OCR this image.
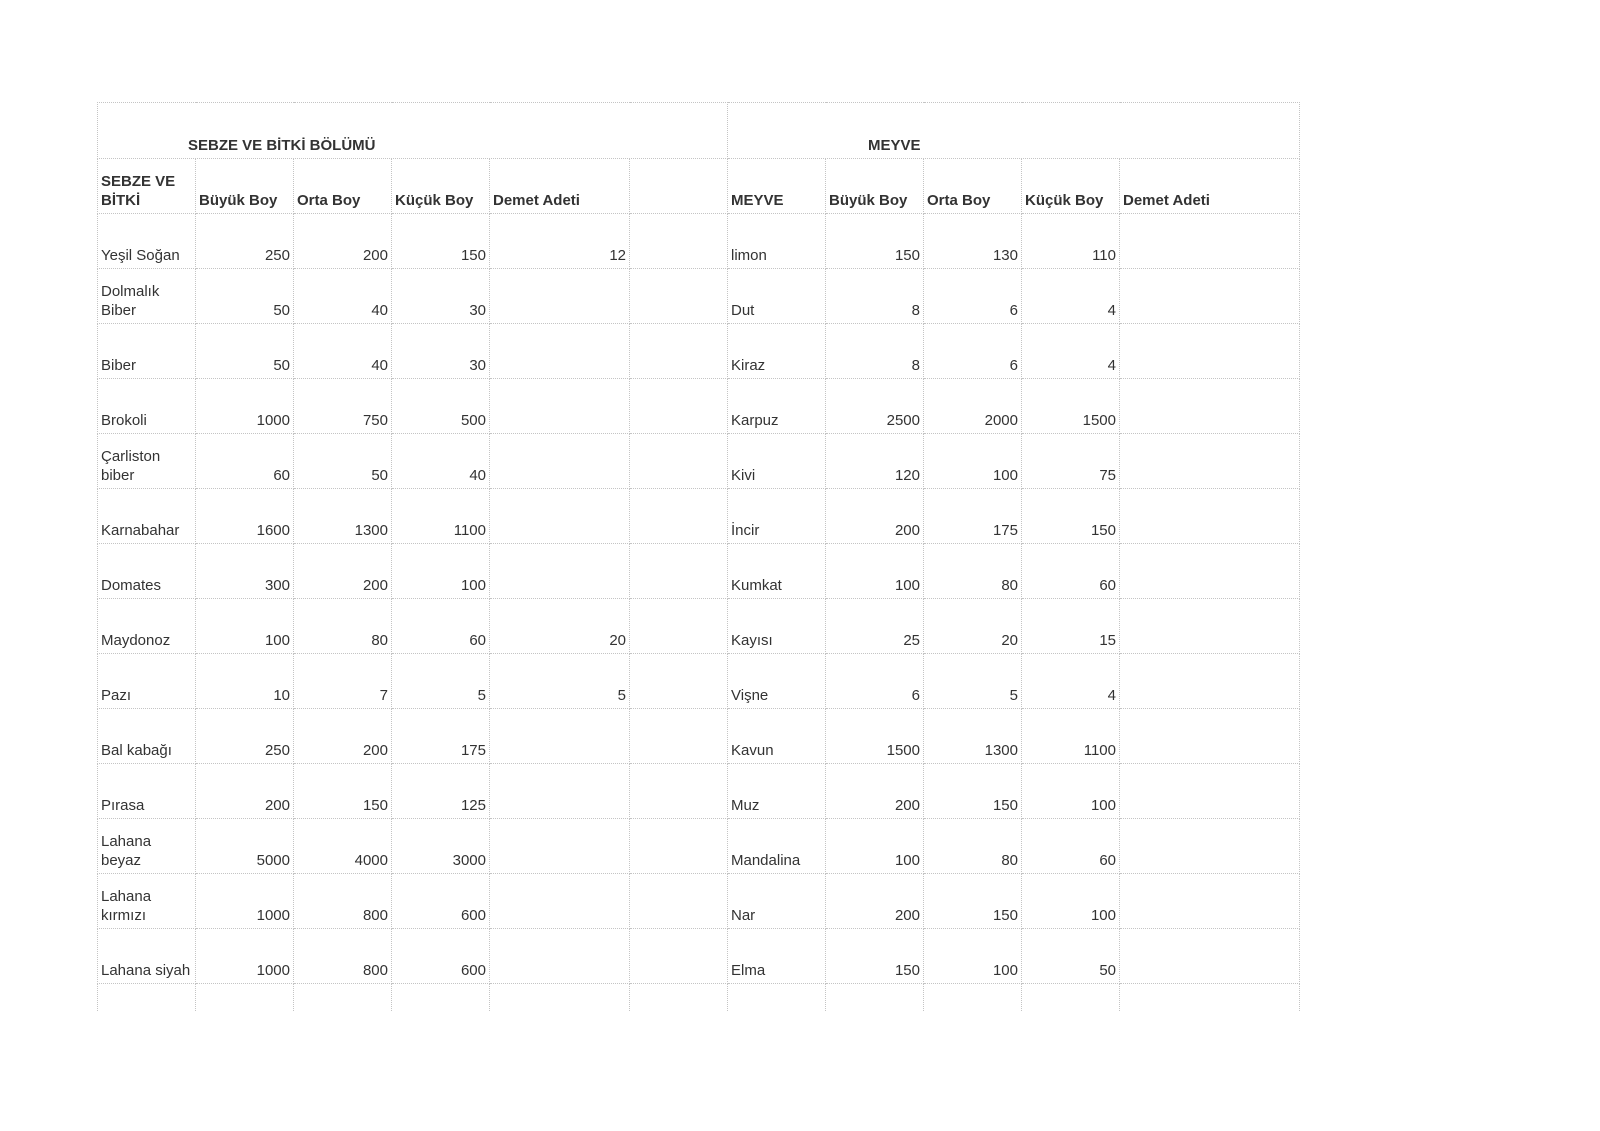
SEBZE VE BİTKİ BÖLÜMÜ						MEYVE				
SEBZE VE BİTKİ	Büyük Boy	Orta Boy	Küçük Boy	Demet Adeti		MEYVE	Büyük Boy	Orta Boy	Küçük Boy	Demet Adeti
Yeşil Soğan	250	200	150	12		limon	150	130	110	
Dolmalık Biber	50	40	30			Dut	8	6	4	
Biber	50	40	30			Kiraz	8	6	4	
Brokoli	1000	750	500			Karpuz	2500	2000	1500	
Çarliston biber	60	50	40			Kivi	120	100	75	
Karnabahar	1600	1300	1100			İncir	200	175	150	
Domates	300	200	100			Kumkat	100	80	60	
Maydonoz	100	80	60	20		Kayısı	25	20	15	
Pazı	10	7	5	5		Vişne	6	5	4	
Bal kabağı	250	200	175			Kavun	1500	1300	1100	
Pırasa	200	150	125			Muz	200	150	100	
Lahana beyaz	5000	4000	3000			Mandalina	100	80	60	
Lahana kırmızı	1000	800	600			Nar	200	150	100	
Lahana siyah	1000	800	600			Elma	150	100	50	
